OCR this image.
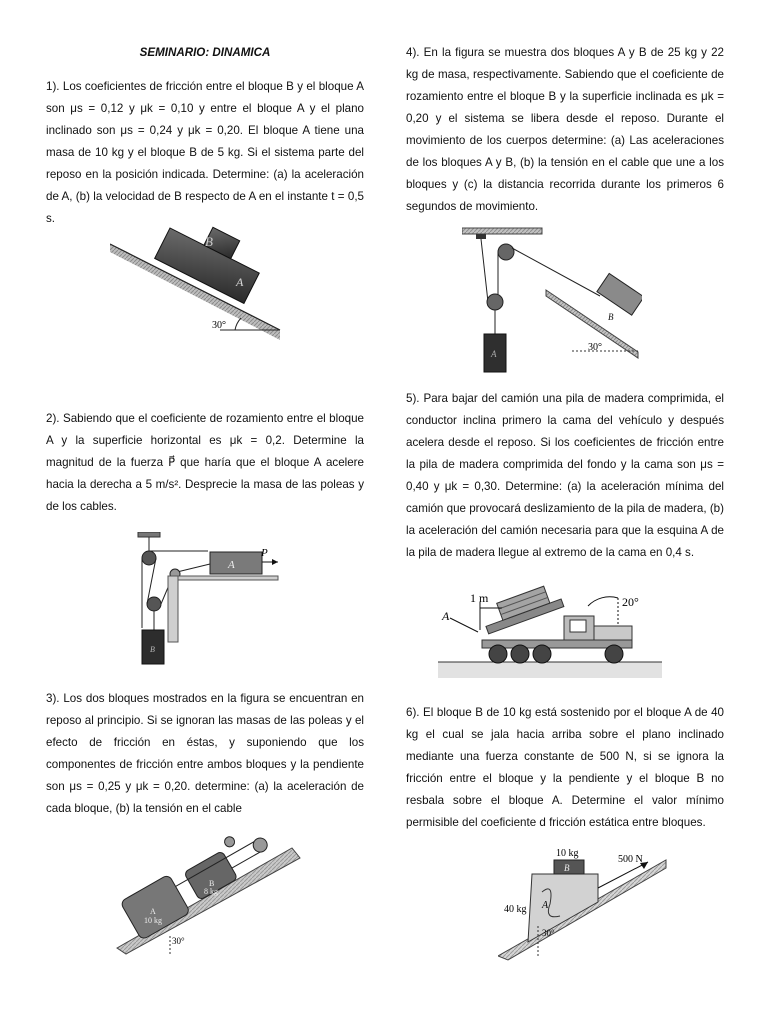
SEMINARIO: DINAMICA

1). Los coeficientes de fricción entre el bloque B y el bloque A son μs = 0,12 y μk = 0,10 y entre el bloque A y el plano inclinado son μs = 0,24 y μk = 0,20. El bloque A tiene una masa de 10 kg y el bloque B de 5 kg. Si el sistema parte del reposo en la posición indicada. Determine: (a) la aceleración de A, (b) la velocidad de B respecto de A en el instante t = 0,5 s.

2). Sabiendo que el coeficiente de rozamiento entre el bloque A y la superficie horizontal es μk = 0,2. Determine la magnitud de la fuerza P⃗ que haría que el bloque A acelere hacia la derecha a 5 m/s². Desprecie la masa de las poleas y de los cables.

3). Los dos bloques mostrados en la figura se encuentran en reposo al principio. Si se ignoran las masas de las poleas y el efecto de fricción en éstas, y suponiendo que los componentes de fricción entre ambos bloques y la pendiente son μs = 0,25 y μk = 0,20. determine: (a) la aceleración de cada bloque, (b) la tensión en el cable

4). En la figura se muestra dos bloques A y B de 25 kg y 22 kg de masa, respectivamente. Sabiendo que el coeficiente de rozamiento entre el bloque B y la superficie inclinada es μk = 0,20 y el sistema se libera desde el reposo. Durante el movimiento de los cuerpos determine: (a) Las aceleraciones de los bloques A y B, (b) la tensión en el cable que une a los bloques y (c) la distancia recorrida durante los primeros 6 segundos de movimiento.

5). Para bajar del camión una pila de madera comprimida, el conductor inclina primero la cama del vehículo y después acelera desde el reposo. Si los coeficientes de fricción entre la pila de madera comprimida del fondo y la cama son μs = 0,40 y μk = 0,30. Determine: (a) la aceleración mínima del camión que provocará deslizamiento de la pila de madera, (b) la aceleración del camión necesaria para que la esquina A de la pila de madera llegue al extremo de la cama en 0,4 s.

6). El bloque B de 10 kg está sostenido por el bloque A de 40 kg el cual se jala hacia arriba sobre el plano inclinado mediante una fuerza constante de 500 N, si se ignora la fricción entre el bloque y la pendiente y el bloque B no resbala sobre el bloque A. Determine el valor mínimo permisible del coeficiente d fricción estática entre bloques.

B
A
30°
A
P⃗
B
A
10 kg
B
8 kg
30°
A
B
30°
1 m
A
20°
B
10 kg
500 N
40 kg A
30°
